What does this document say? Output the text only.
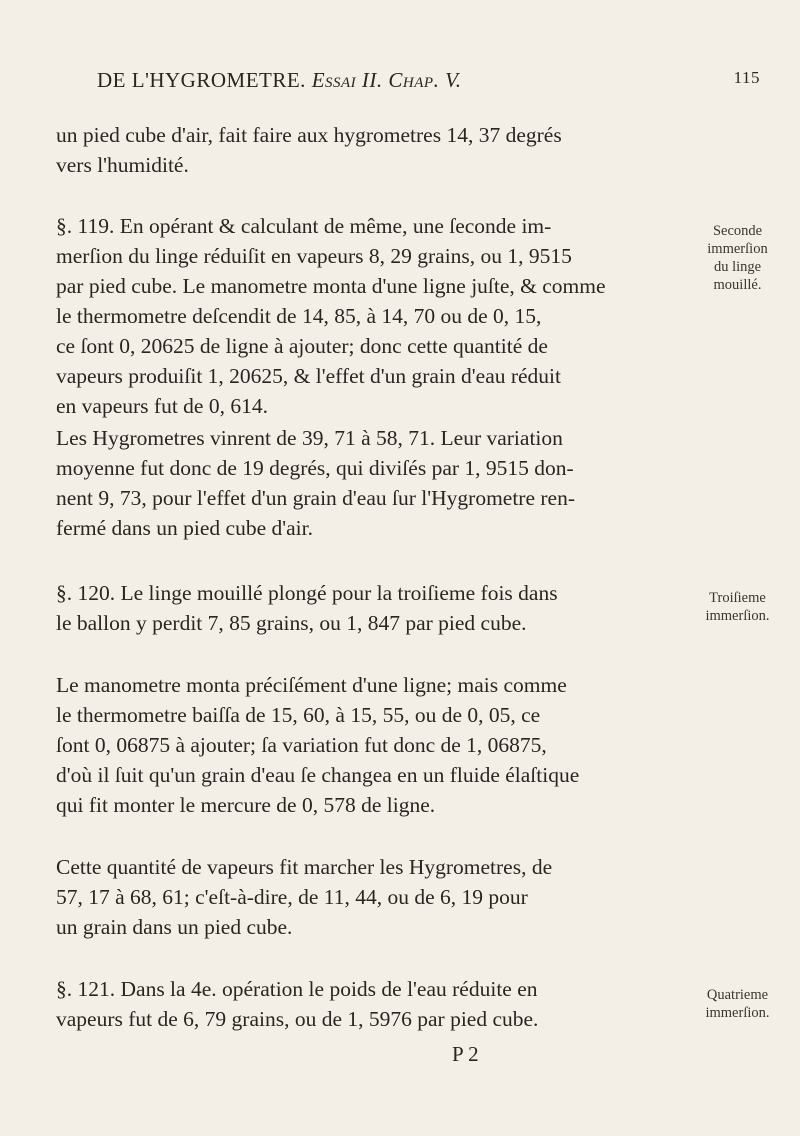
DE L'HYGROMETRE. Eſſai II. Chap. V.	115
un pied cube d'air, fait faire aux hygrometres 14, 37 degrés
vers l'humidité.
§. 119. En opérant & calculant de même, une ſeconde im-
merſion du linge réduiſit en vapeurs 8, 29 grains, ou 1, 9515
par pied cube. Le manometre monta d'une ligne juſte, & comme
le thermometre deſcendit de 14, 85, à 14, 70 ou de 0, 15,
ce ſont 0, 20625 de ligne à ajouter; donc cette quantité de
vapeurs produiſit 1, 20625, & l'effet d'un grain d'eau réduit
en vapeurs fut de 0, 614.
Les Hygrometres vinrent de 39, 71 à 58, 71. Leur variation
moyenne fut donc de 19 degrés, qui diviſés par 1, 9515 don-
nent 9, 73, pour l'effet d'un grain d'eau ſur l'Hygrometre ren-
fermé dans un pied cube d'air.
§. 120. Le linge mouillé plongé pour la troiſieme fois dans
le ballon y perdit 7, 85 grains, ou 1, 847 par pied cube.
Le manometre monta préciſément d'une ligne; mais comme
le thermometre baiſſa de 15, 60, à 15, 55, ou de 0, 05, ce
ſont 0, 06875 à ajouter; ſa variation fut donc de 1, 06875,
d'où il ſuit qu'un grain d'eau ſe changea en un fluide élaſtique
qui fit monter le mercure de 0, 578 de ligne.
Cette quantité de vapeurs fit marcher les Hygrometres, de
57, 17 à 68, 61; c'eſt-à-dire, de 11, 44, ou de 6, 19 pour
un grain dans un pied cube.
§. 121. Dans la 4e. opération le poids de l'eau réduite en
vapeurs fut de 6, 79 grains, ou de 1, 5976 par pied cube.
Seconde
immerſion
du linge
mouillé.
Troiſieme
immerſion.
Quatrieme
immerſion.
P 2
